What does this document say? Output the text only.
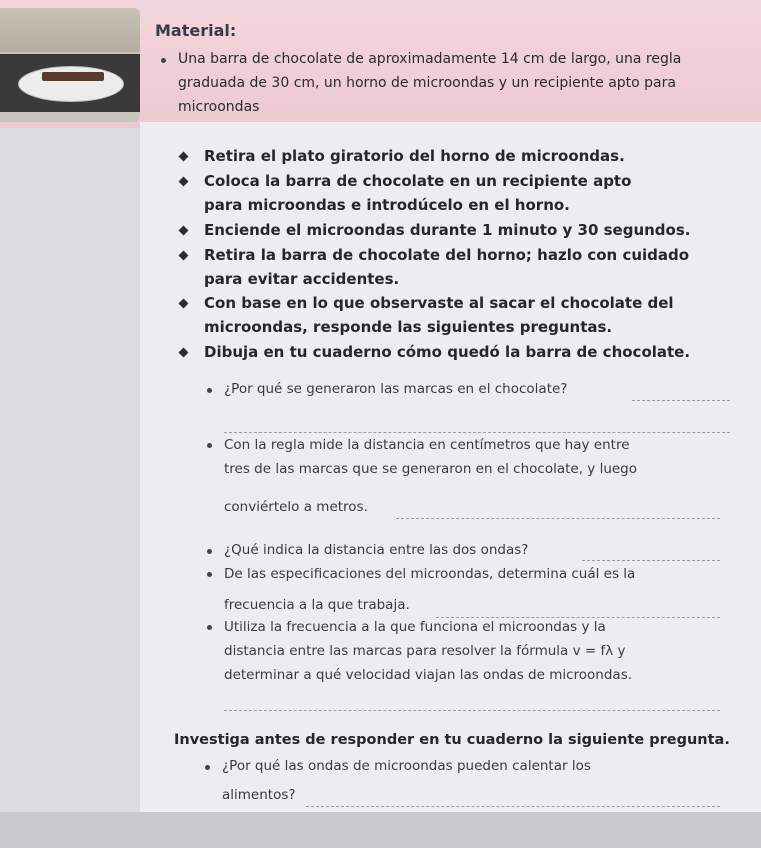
Material:
Una barra de chocolate de aproximadamente 14 cm de largo, una regla
graduada de 30 cm, un horno de microondas y un recipiente apto para
microondas
Retira el plato giratorio del horno de microondas.
Coloca la barra de chocolate en un recipiente apto
para microondas e introdúcelo en el horno.
Enciende el microondas durante 1 minuto y 30 segundos.
Retira la barra de chocolate del horno; hazlo con cuidado
para evitar accidentes.
Con base en lo que observaste al sacar el chocolate del
microondas, responde las siguientes preguntas.
Dibuja en tu cuaderno cómo quedó la barra de chocolate.
¿Por qué se generaron las marcas en el chocolate?
Con la regla mide la distancia en centímetros que hay entre
tres de las marcas que se generaron en el chocolate, y luego
conviértelo a metros.
¿Qué indica la distancia entre las dos ondas?
De las especificaciones del microondas, determina cuál es la
frecuencia a la que trabaja.
Utiliza la frecuencia a la que funciona el microondas y la
distancia entre las marcas para resolver la fórmula v = fλ y
determinar a qué velocidad viajan las ondas de microondas.
Investiga antes de responder en tu cuaderno la siguiente pregunta.
¿Por qué las ondas de microondas pueden calentar los
alimentos?
